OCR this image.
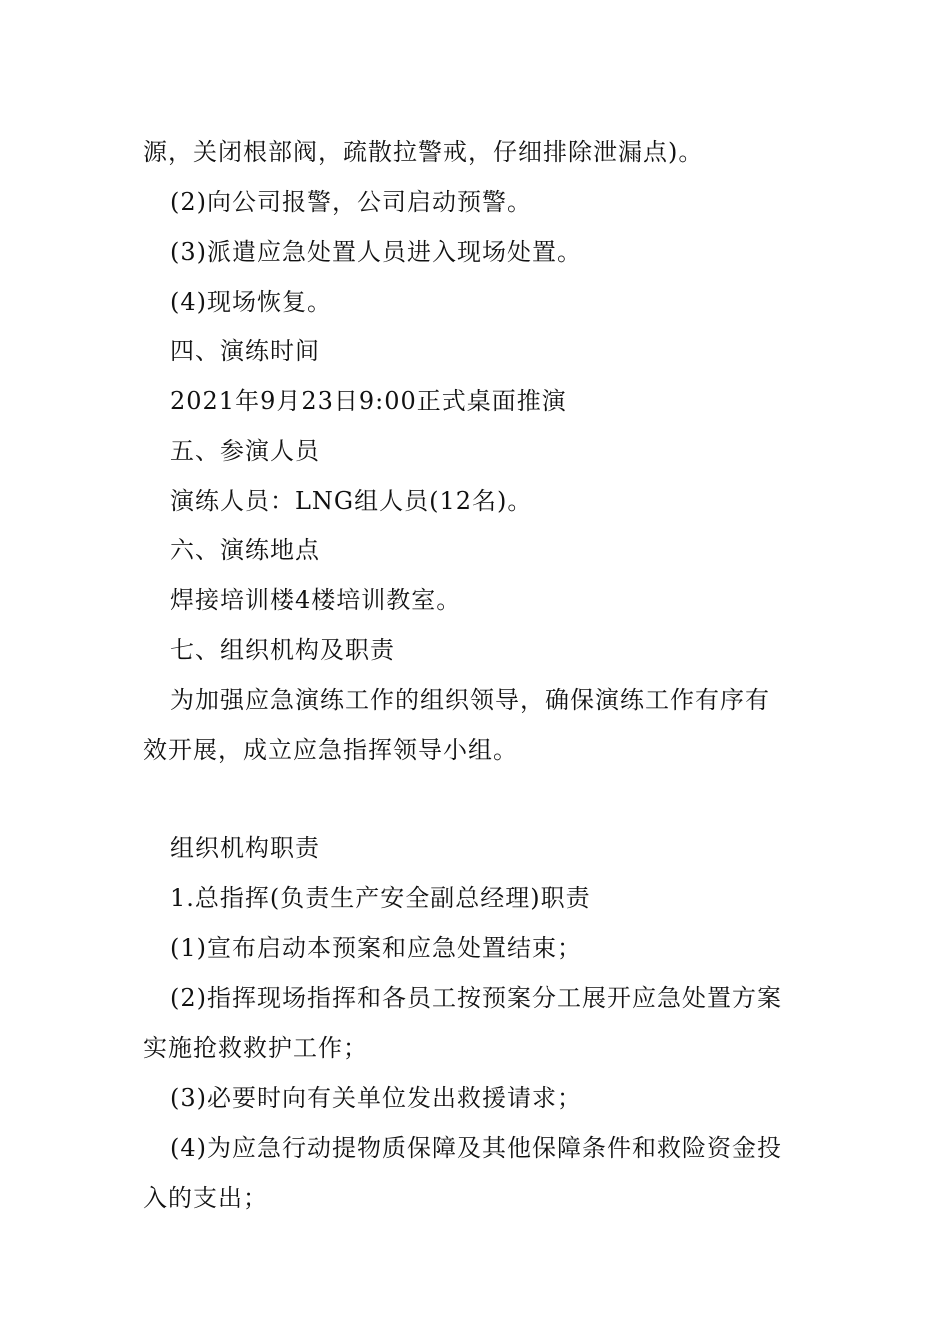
源，关闭根部阀，疏散拉警戒，仔细排除泄漏点)。

(2)向公司报警，公司启动预警。

(3)派遣应急处置人员进入现场处置。

(4)现场恢复。

四、演练时间

2021年9月23日9:00正式桌面推演

五、参演人员

演练人员：LNG组人员(12名)。

六、演练地点

焊接培训楼4楼培训教室。

七、组织机构及职责

为加强应急演练工作的组织领导，确保演练工作有序有

效开展，成立应急指挥领导小组。

组织机构职责

1.总指挥(负责生产安全副总经理)职责

(1)宣布启动本预案和应急处置结束；

(2)指挥现场指挥和各员工按预案分工展开应急处置方案

实施抢救救护工作；

(3)必要时向有关单位发出救援请求；

(4)为应急行动提物质保障及其他保障条件和救险资金投

入的支出；
